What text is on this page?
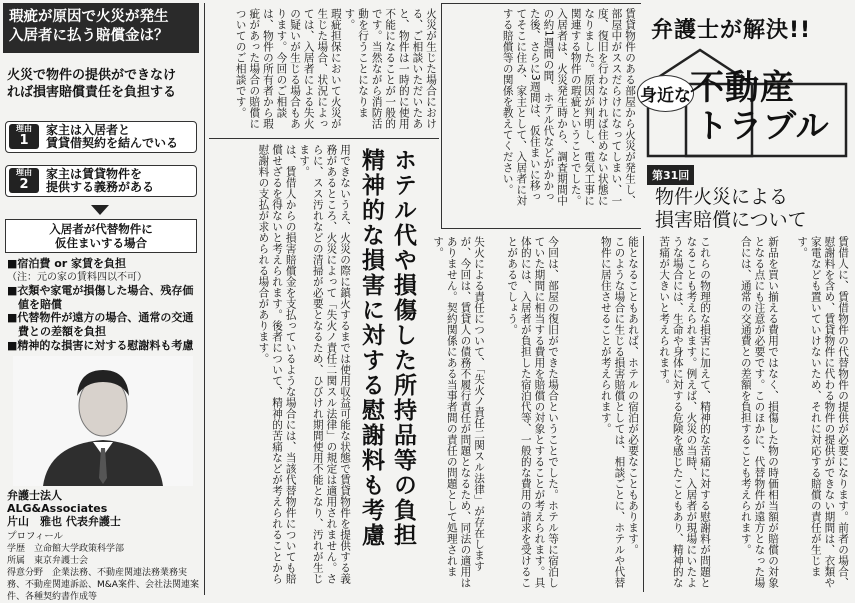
瑕疵が原因で火災が発生
入居者に払う賠償金は？
火災で物件の提供ができなけ
れば損害賠償責任を負担する
理由
1
家主は入居者と
賃貸借契約を結んでいる
理由
2
家主は賃貸物件を
提供する義務がある
入居者が代替物件に
仮住まいする場合
■宿泊費 or 家賃を負担
（注：元の家の賃料四以不可）
■衣類や家電が損傷した場合、残存価値を賠償
■代替物件が遠方の場合、通常の交通費との差額を負担
■精神的な損害に対する慰謝料も考慮
弁護士法人
ALG&Associates
片山　雅也 代表弁護士
プロフィール
学歴　立命館大学政策科学部
所属　東京弁護士会
得意分野　企業法務、不動産関連法務業務実務、不動産関連訴訟、M&A案件、会社法関連案件、各種契約書作成等
弁護士が解決!!
身近な 不動産
トラブル
第31回
物件火災による
損害賠償について
ホテル代や損傷した所持品等の負担
精神的な損害に対する慰謝料も考慮
賃貸物件のある部屋から火災が発生し、部屋中がススだらけになってしまい、一度、復旧を行わなければ住めない状態になりました。原因が判明し、電気工事に関連する物件の瑕疵ということでした。
入居者は、火災発生時から、調査期間中の約1週間の間、ホテル代などがかかった後、さらに3週間は、仮住まいに移ってそこに住み、家主として、入居者に対する賠償等の関係を教えてください。
火災が生じた場合における、ご相談いただいたあと、物件は一時的に使用不能になることが一般的です。当然ながら消防活動を行うことになります。
瑕疵担保において火災が生じた場合、状況によっては、入居者による失火の疑いが生じる場合もあります。今回のご相談は、物件の所有者から瑕疵があった場合の賠償についてのご相談です。
用できないうえ、火災の際に鎮火するまでは使用収益可能な状態で賃貸物件を提供する義務があるところ、火災によって「失火ノ責任二関スル法律」の規定は適用されません。さらに、スス汚れなどの清掃が必要となるため、ひびけれ期間使用不能となり、汚れが生じます。
は、賃借人からの損害賠償金を支払っているような場合には、当該代替物件についても賠償せざるを得ないと考えられます。後者について、精神的苦痛などが考えられることから慰謝料の支払が求められる場合があります。	失火による責任について、「失火ノ責任二関スル法律」が存在しますが、今回は、賃貸人の債務不履行責任が問題となるため、同法の適用はありません。契約関係にある当事者間の責任の問題として処理されます。	今回は、部屋の復旧ができた場合ということでした。ホテル等に宿泊していた期間に相当する費用を賠償の対象とすることが考えられます。具体的には、入居者が負担した宿泊代等、一般的な費用の請求を受けることがあるでしょう。	能となることもあれば、ホテルの宿泊が必要なこともあります。
このような場合に生じる損害賠償としては、相談ごとに、ホテルや代替物件に居住させることが考えられます。	これらの物理的な損害に加えて、精神的な苦痛に対する慰謝料が問題となることも考えられます。例えば、火災の当時、入居者が現場にいたような場合には、生命や身体に対する危険を感じたこともあり、精神的な苦痛が大きいと考えられます。	新品を買い揃える費用ではなく、損傷した物の時価相当額が賠償の対象となる点にも注意が必要です。このほかに、代替物件が遠方となった場合には、通常の交通費との差額を負担することも考えられます。	賃借人に、賃借物件の代替物件の提供が必要になります。前者の場合、慰謝料を含め、賃貸物件に代わる物件の提供ができない期間は、衣類や家電なども置いていけないため、それに対応する賠償の責任が生じます。
